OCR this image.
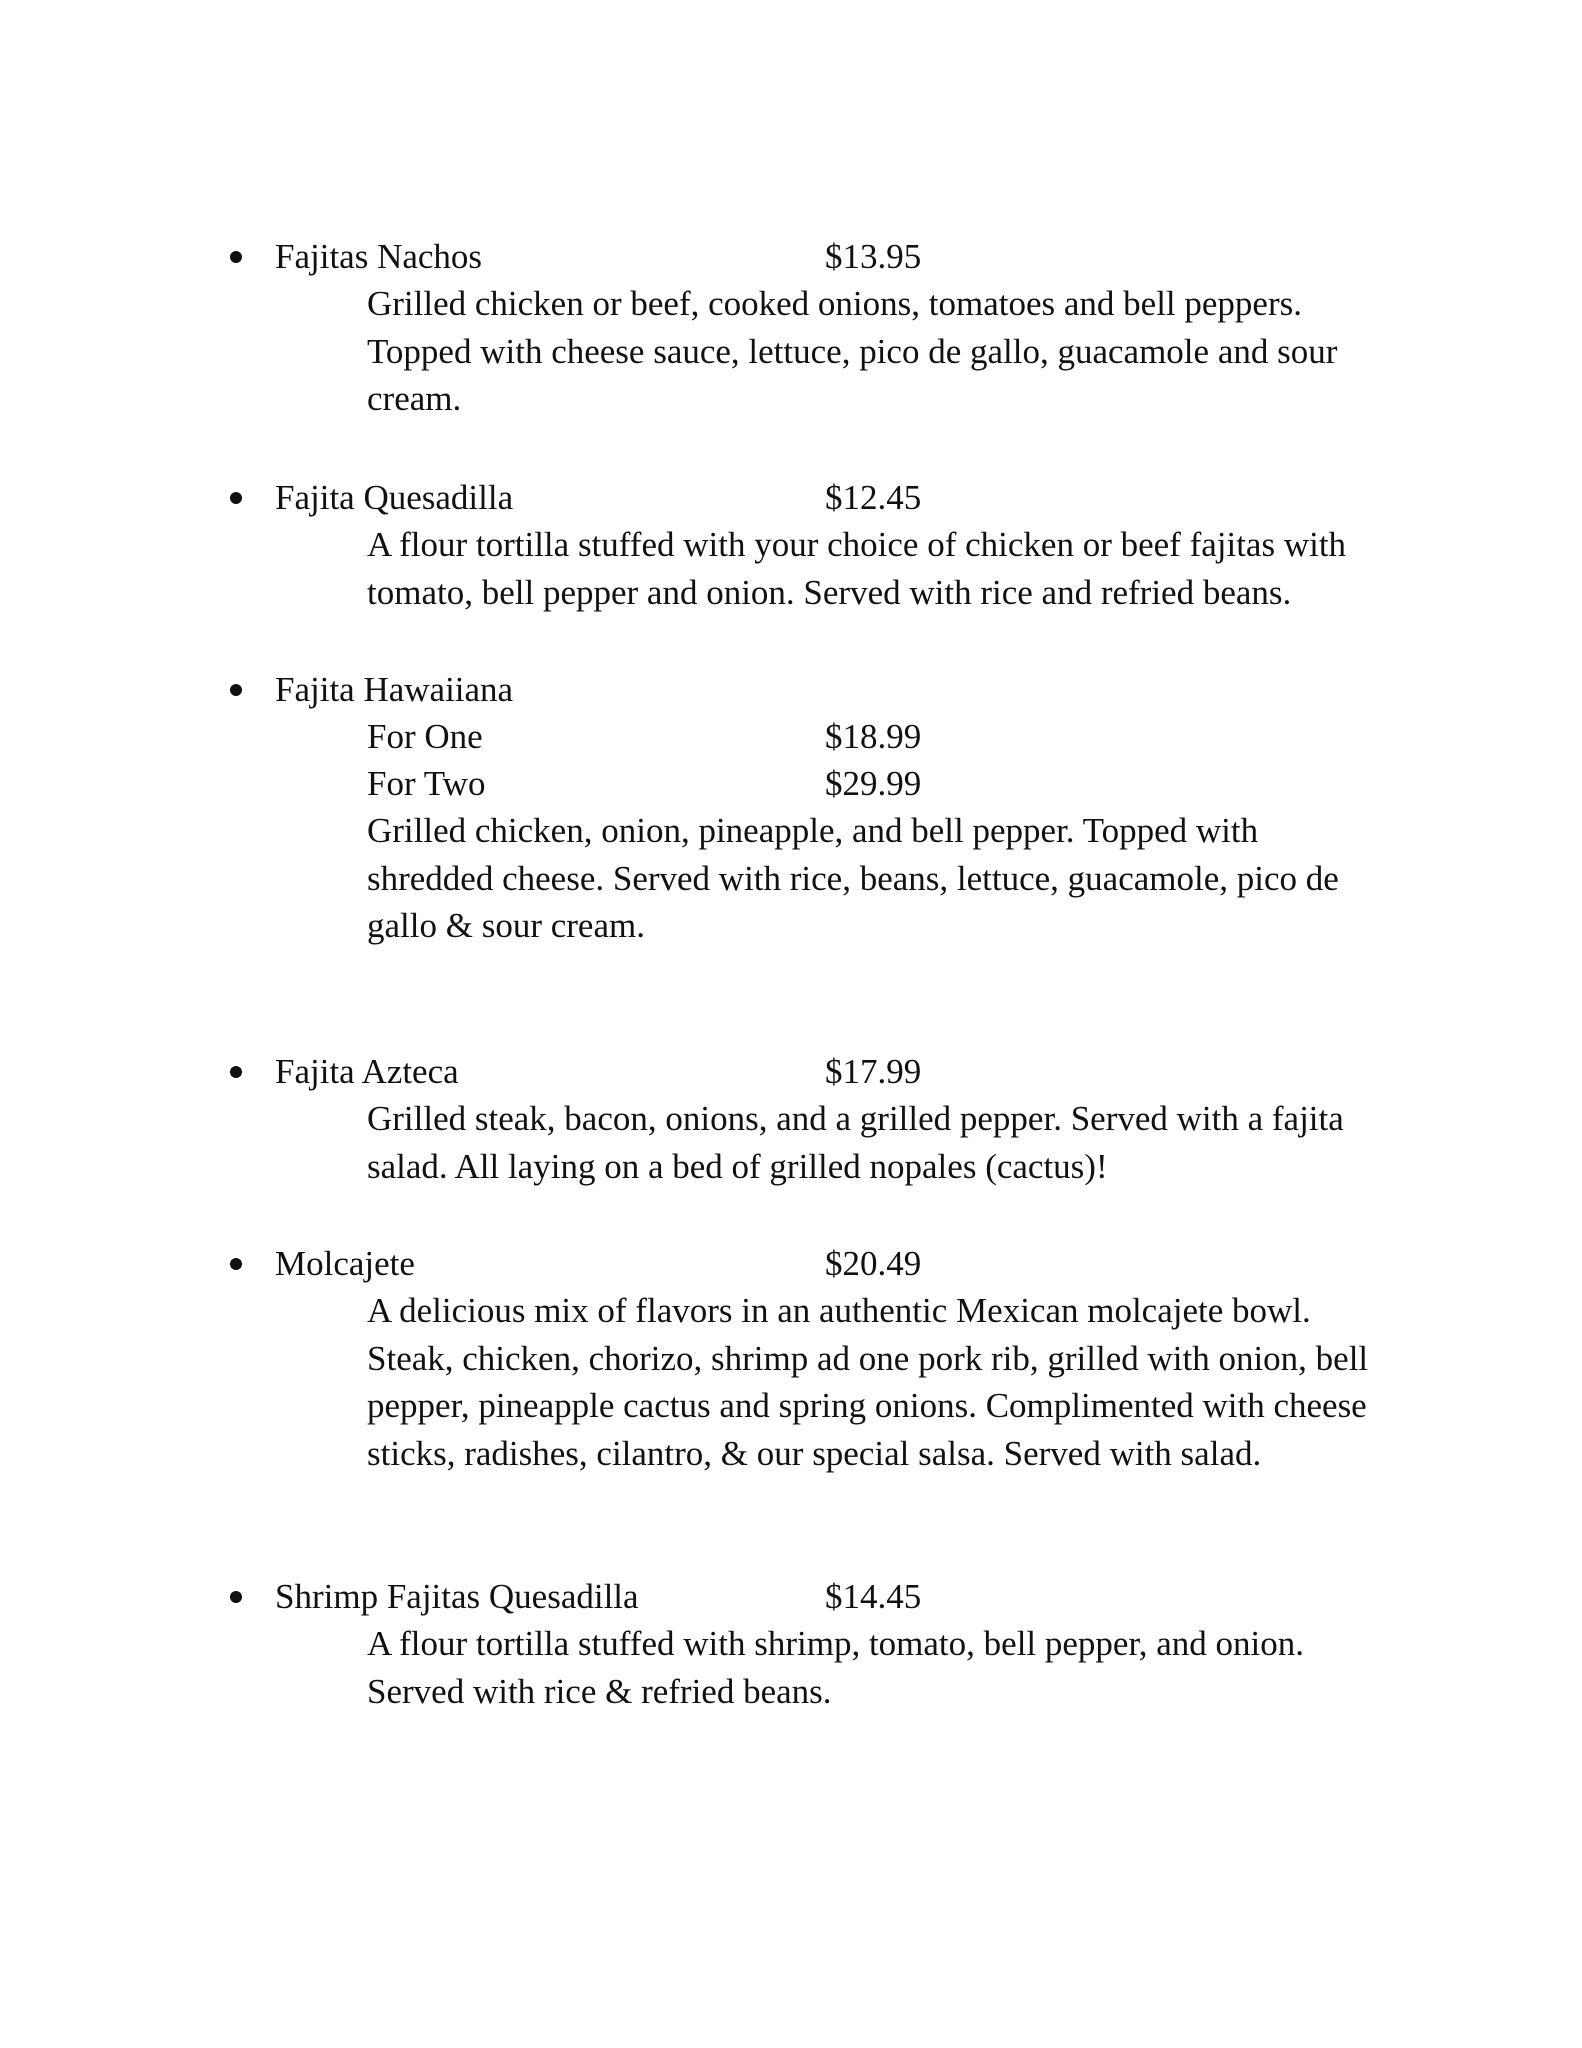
Fajitas Nachos	$13.95
Grilled chicken or beef, cooked onions, tomatoes and bell peppers. Topped with cheese sauce, lettuce, pico de gallo, guacamole and sour cream.
Fajita Quesadilla	$12.45
A flour tortilla stuffed with your choice of chicken or beef fajitas with tomato, bell pepper and onion. Served with rice and refried beans.
Fajita Hawaiiana
For One	$18.99
For Two	$29.99
Grilled chicken, onion, pineapple, and bell pepper. Topped with shredded cheese. Served with rice, beans, lettuce, guacamole, pico de gallo & sour cream.
Fajita Azteca	$17.99
Grilled steak, bacon, onions, and a grilled pepper. Served with a fajita salad. All laying on a bed of grilled nopales (cactus)!
Molcajete	$20.49
A delicious mix of flavors in an authentic Mexican molcajete bowl. Steak, chicken, chorizo, shrimp ad one pork rib, grilled with onion, bell pepper, pineapple cactus and spring onions. Complimented with cheese sticks, radishes, cilantro, & our special salsa. Served with salad.
Shrimp Fajitas Quesadilla	$14.45
A flour tortilla stuffed with shrimp, tomato, bell pepper, and onion. Served with rice & refried beans.
